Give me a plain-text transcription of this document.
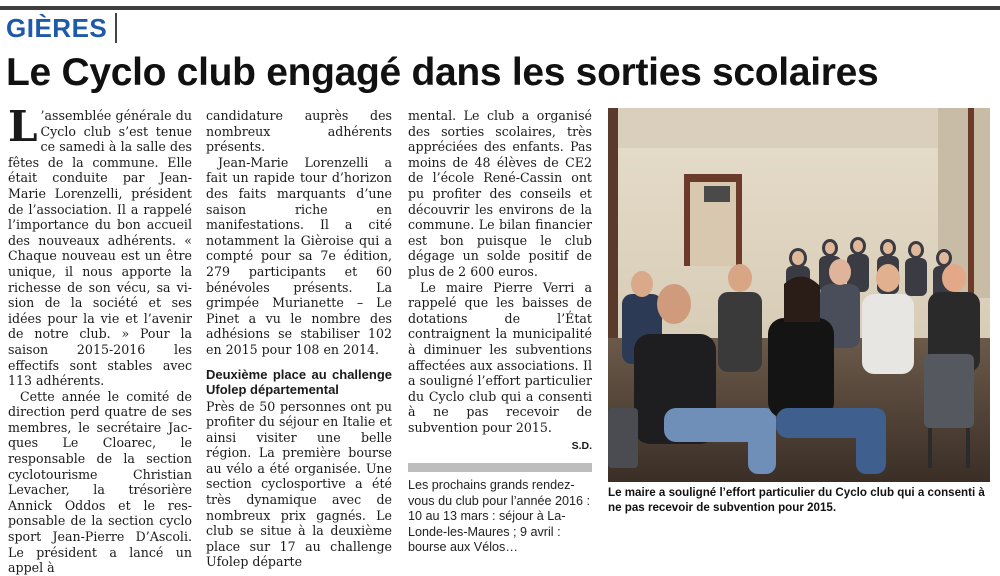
GIÈRES
Le Cyclo club engagé dans les sorties scolaires

L ’assemblée générale du Cyclo club s’est tenue ce samedi à la salle des fêtes de la commune. Elle était conduite par Jean-Marie Lorenzelli, président de l’association. Il a rappelé l’importance du bon accueil des nouveaux adhérents. « Chaque nouveau est un être unique, il nous apporte la richesse de son vécu, sa vision de la société et ses idées pour la vie et l’avenir de notre club. » Pour la saison 2015-2016 les effectifs sont stables avec 113 adhérents.

Cette année le comité de direction perd quatre de ses membres, le secrétaire Jacques Le Cloarec, le responsable de la section cyclotourisme Christian Levacher, la trésorière Annick Oddos et le responsable de la section cyclo sport Jean-Pierre D’Ascoli. Le président a lancé un appel à

candidature auprès des nombreux adhérents présents.

Jean-Marie Lorenzelli a fait un rapide tour d’horizon des faits marquants d’une saison riche en manifestations. Il a cité notamment la Gièroise qui a compté pour sa 7e édition, 279 participants et 60 bénévoles présents. La grimpée Murianette – Le Pinet a vu le nombre des adhésions se stabiliser 102 en 2015 pour 108 en 2014.

Deuxième place au challenge Ufolep départemental

Près de 50 personnes ont pu profiter du séjour en Italie et ainsi visiter une belle région. La première bourse au vélo a été organisée. Une section cyclosportive a été très dynamique avec de nombreux prix gagnés. Le club se situe à la deuxième place sur 17 au challenge Ufolep départe

mental. Le club a organisé des sorties scolaires, très appréciées des enfants. Pas moins de 48 élèves de CE2 de l’école René-Cassin ont pu profiter des conseils et découvrir les environs de la commune. Le bilan financier est bon puisque le club dégage un solde positif de plus de 2 600 euros.

Le maire Pierre Verri a rappelé que les baisses de dotations de l’État contraignent la municipalité à diminuer les subventions affectées aux associations. Il a souligné l’effort particulier du Cyclo club qui a consenti à ne pas recevoir de subvention pour 2015.

S.D.
Les prochains grands rendez-vous du club pour l’année 2016 : 10 au 13 mars : séjour à La-Londe-les-Maures ; 9 avril : bourse aux Vélos…
Le maire a souligné l’effort particulier du Cyclo club qui a consenti à ne pas recevoir de subvention pour 2015.
